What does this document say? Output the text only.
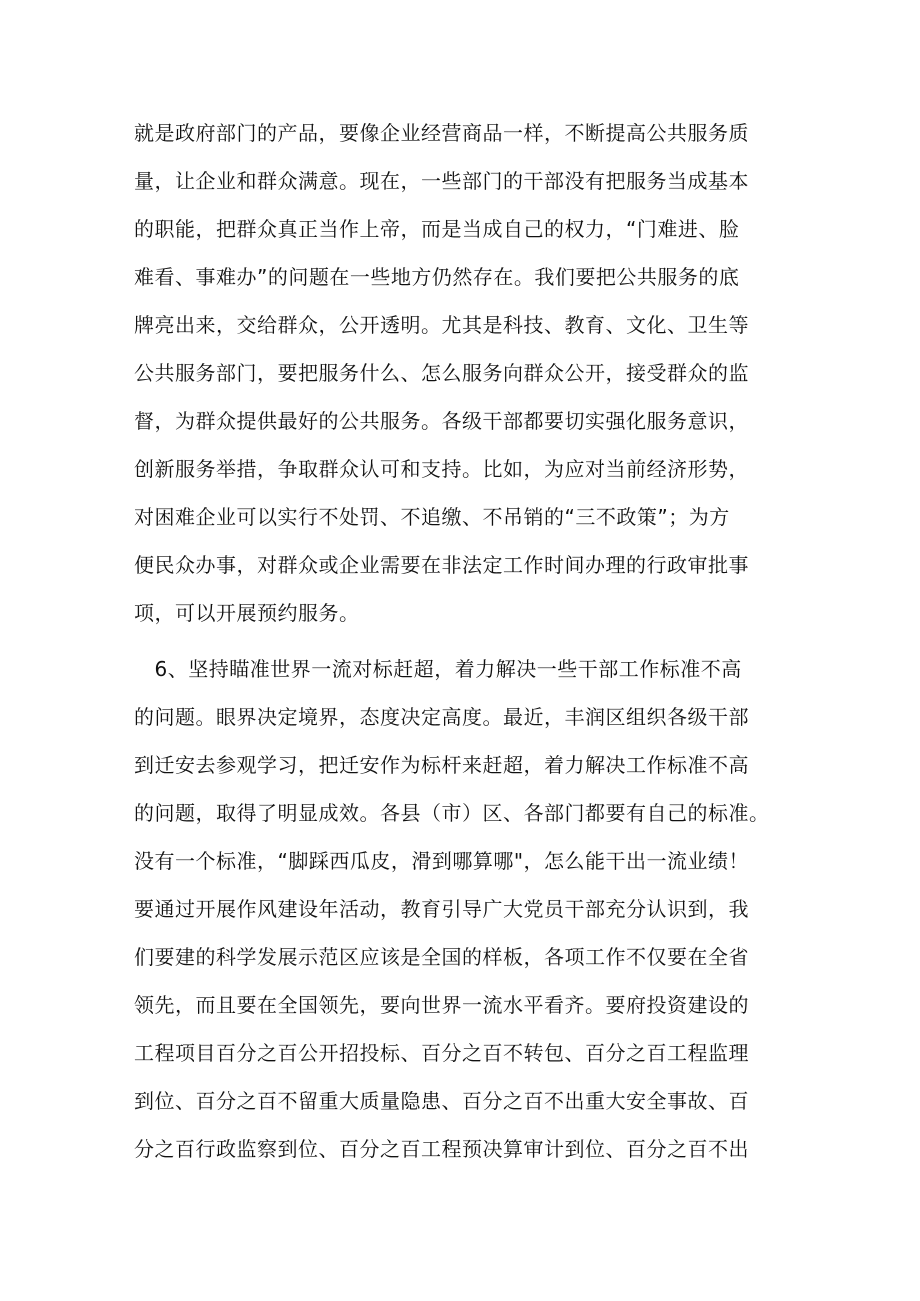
就是政府部门的产品，要像企业经营商品一样，不断提高公共服务质
量，让企业和群众满意。现在，一些部门的干部没有把服务当成基本
的职能，把群众真正当作上帝，而是当成自己的权力，“门难进、脸
难看、事难办”的问题在一些地方仍然存在。我们要把公共服务的底
牌亮出来，交给群众，公开透明。尤其是科技、教育、文化、卫生等
公共服务部门，要把服务什么、怎么服务向群众公开，接受群众的监
督，为群众提供最好的公共服务。各级干部都要切实强化服务意识，
创新服务举措，争取群众认可和支持。比如，为应对当前经济形势，
对困难企业可以实行不处罚、不追缴、不吊销的“三不政策”；为方
便民众办事，对群众或企业需要在非法定工作时间办理的行政审批事
项，可以开展预约服务。
　6、坚持瞄准世界一流对标赶超，着力解决一些干部工作标准不高
的问题。眼界决定境界，态度决定高度。最近，丰润区组织各级干部
到迁安去参观学习，把迁安作为标杆来赶超，着力解决工作标准不高
的问题，取得了明显成效。各县（市）区、各部门都要有自己的标准。
没有一个标准，“脚踩西瓜皮，滑到哪算哪"，怎么能干出一流业绩！
要通过开展作风建设年活动，教育引导广大党员干部充分认识到，我
们要建的科学发展示范区应该是全国的样板，各项工作不仅要在全省
领先，而且要在全国领先，要向世界一流水平看齐。要府投资建设的
工程项目百分之百公开招投标、百分之百不转包、百分之百工程监理
到位、百分之百不留重大质量隐患、百分之百不出重大安全事故、百
分之百行政监察到位、百分之百工程预决算审计到位、百分之百不出
